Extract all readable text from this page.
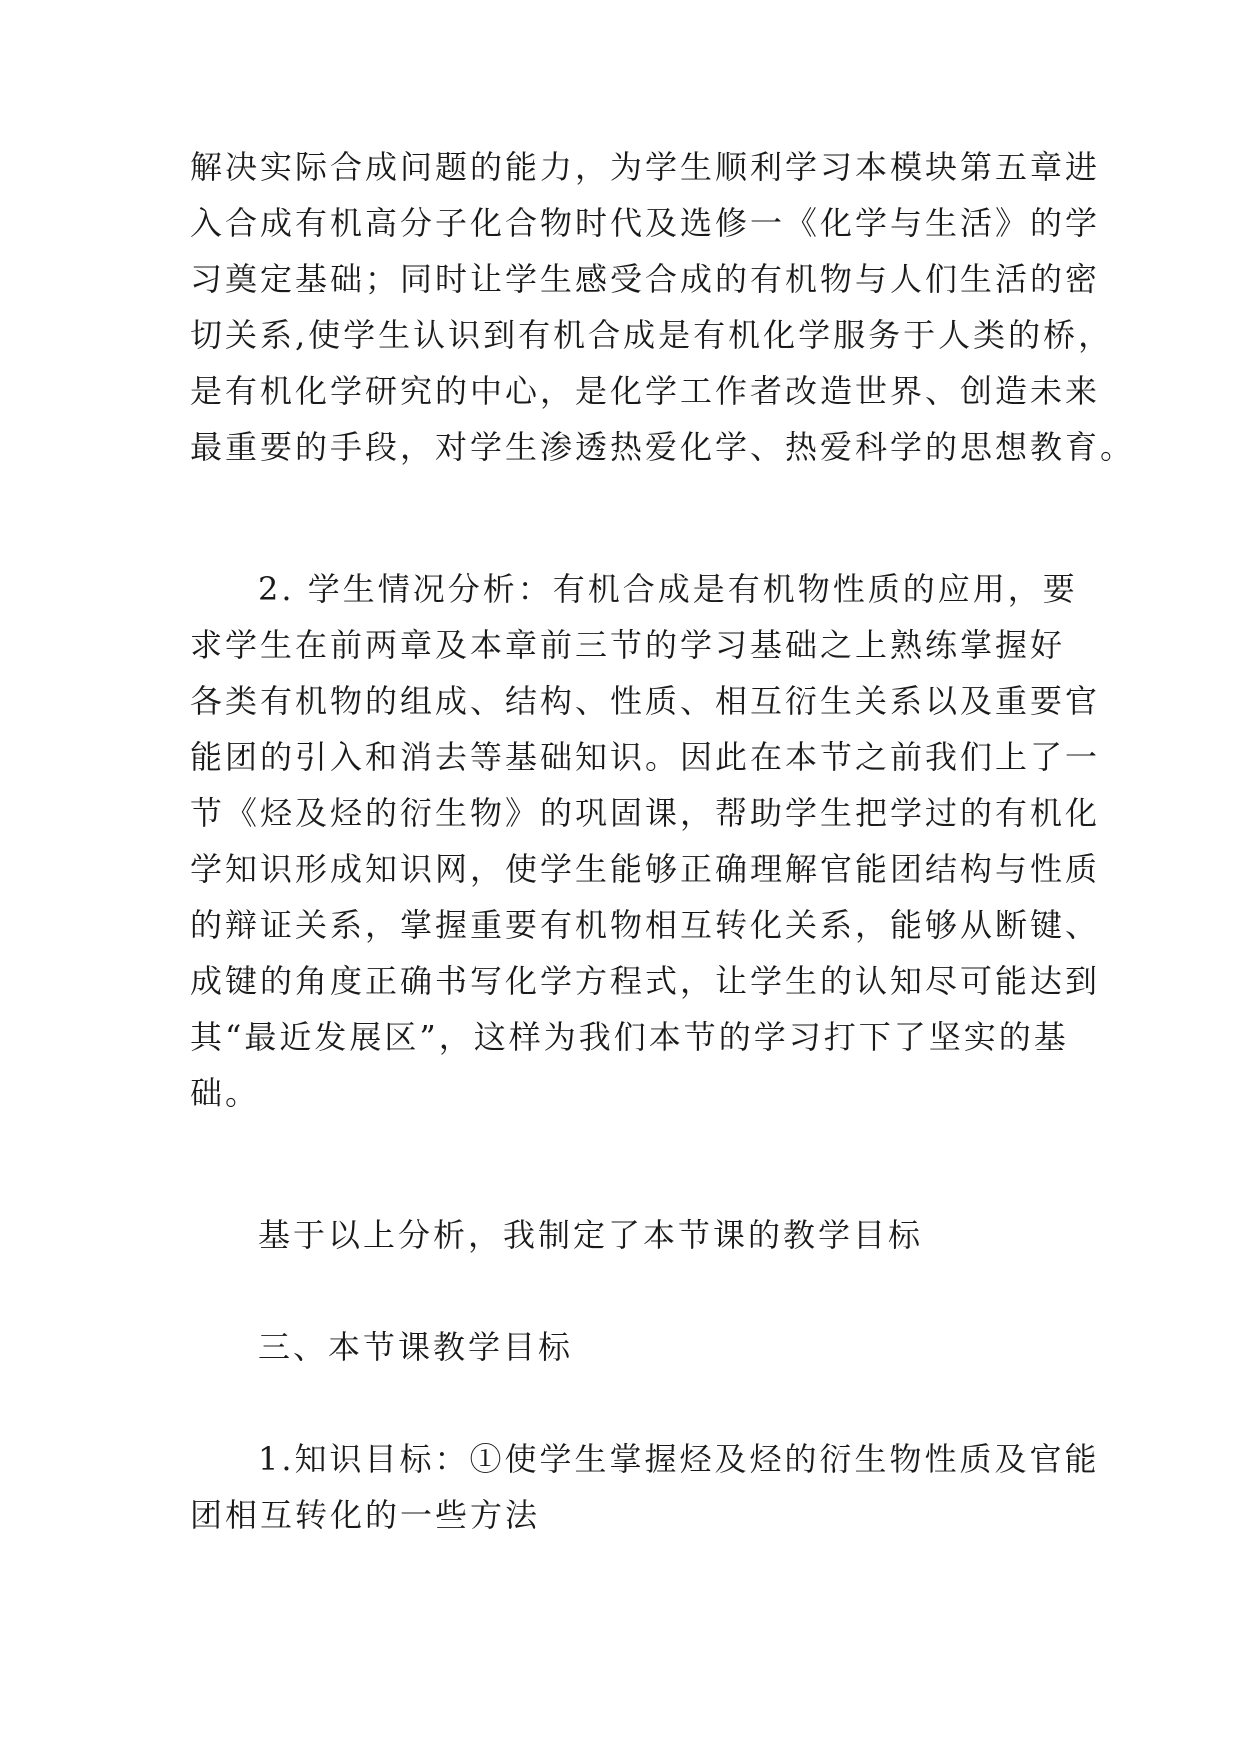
解决实际合成问题的能力，为学生顺利学习本模块第五章进
入合成有机高分子化合物时代及选修一《化学与生活》的学
习奠定基础；同时让学生感受合成的有机物与人们生活的密
切关系,使学生认识到有机合成是有机化学服务于人类的桥，
是有机化学研究的中心，是化学工作者改造世界、创造未来
最重要的手段，对学生渗透热爱化学、热爱科学的思想教育。
2. 学生情况分析：有机合成是有机物性质的应用，要
求学生在前两章及本章前三节的学习基础之上熟练掌握好
各类有机物的组成、结构、性质、相互衍生关系以及重要官
能团的引入和消去等基础知识。因此在本节之前我们上了一
节《烃及烃的衍生物》的巩固课，帮助学生把学过的有机化
学知识形成知识网，使学生能够正确理解官能团结构与性质
的辩证关系，掌握重要有机物相互转化关系，能够从断键、
成键的角度正确书写化学方程式，让学生的认知尽可能达到
其“最近发展区”，这样为我们本节的学习打下了坚实的基
础。
基于以上分析，我制定了本节课的教学目标
三、本节课教学目标
1.知识目标：①使学生掌握烃及烃的衍生物性质及官能
团相互转化的一些方法
